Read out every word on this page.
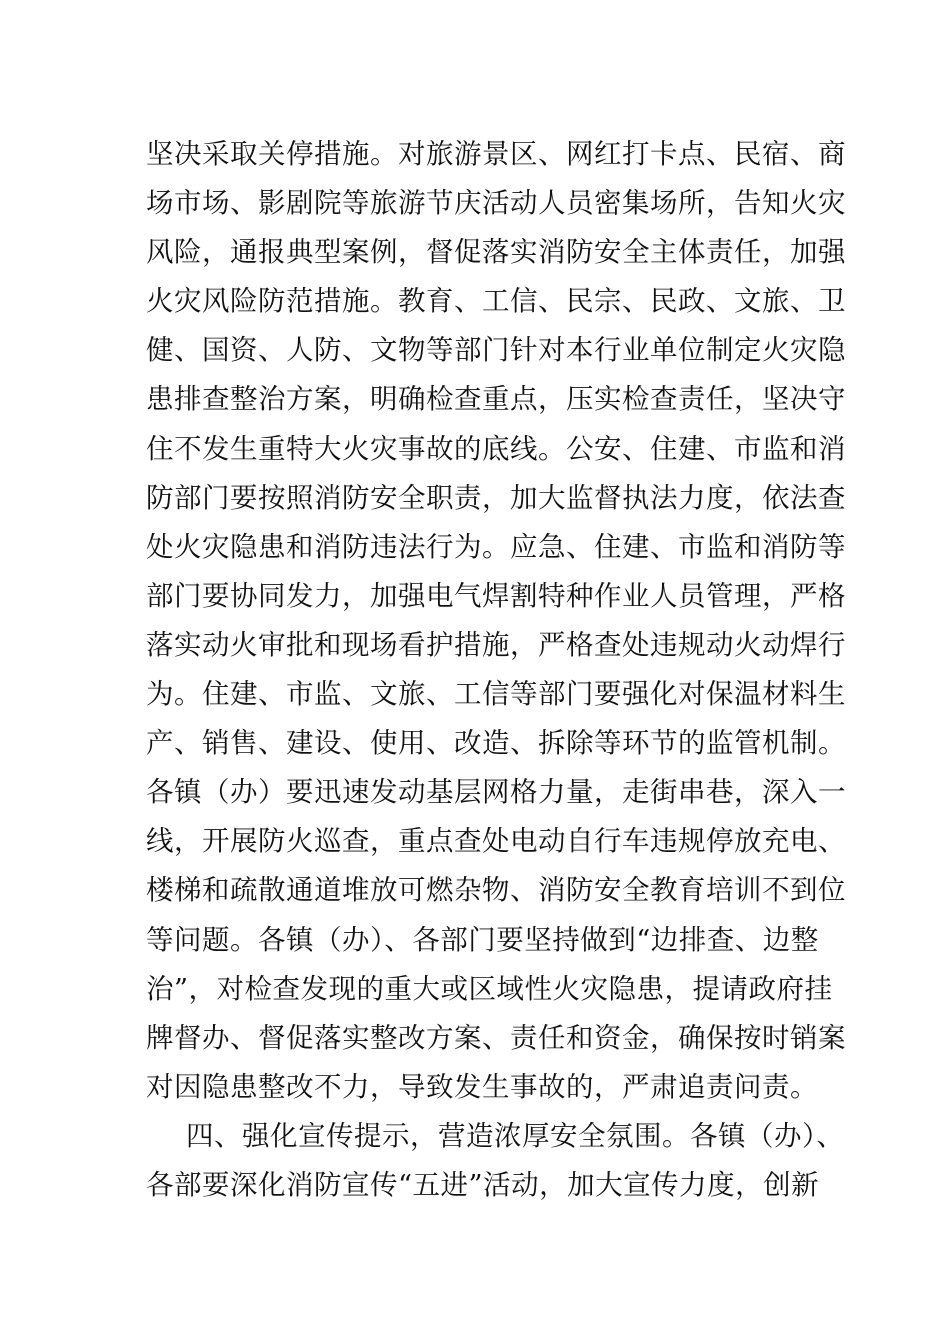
坚决采取关停措施。对旅游景区、网红打卡点、民宿、商
场市场、影剧院等旅游节庆活动人员密集场所，告知火灾
风险，通报典型案例，督促落实消防安全主体责任，加强
火灾风险防范措施。教育、工信、民宗、民政、文旅、卫
健、国资、人防、文物等部门针对本行业单位制定火灾隐
患排查整治方案，明确检查重点，压实检查责任，坚决守
住不发生重特大火灾事故的底线。公安、住建、市监和消
防部门要按照消防安全职责，加大监督执法力度，依法查
处火灾隐患和消防违法行为。应急、住建、市监和消防等
部门要协同发力，加强电气焊割特种作业人员管理，严格
落实动火审批和现场看护措施，严格查处违规动火动焊行
为。住建、市监、文旅、工信等部门要强化对保温材料生
产、销售、建设、使用、改造、拆除等环节的监管机制。
各镇（办）要迅速发动基层网格力量，走街串巷，深入一
线，开展防火巡查，重点查处电动自行车违规停放充电、
楼梯和疏散通道堆放可燃杂物、消防安全教育培训不到位
等问题。各镇（办）、各部门要坚持做到“边排查、边整
治”，对检查发现的重大或区域性火灾隐患，提请政府挂
牌督办、督促落实整改方案、责任和资金，确保按时销案
对因隐患整改不力，导致发生事故的，严肃追责问责。
四、强化宣传提示，营造浓厚安全氛围。各镇（办）、
各部要深化消防宣传“五进”活动，加大宣传力度，创新
